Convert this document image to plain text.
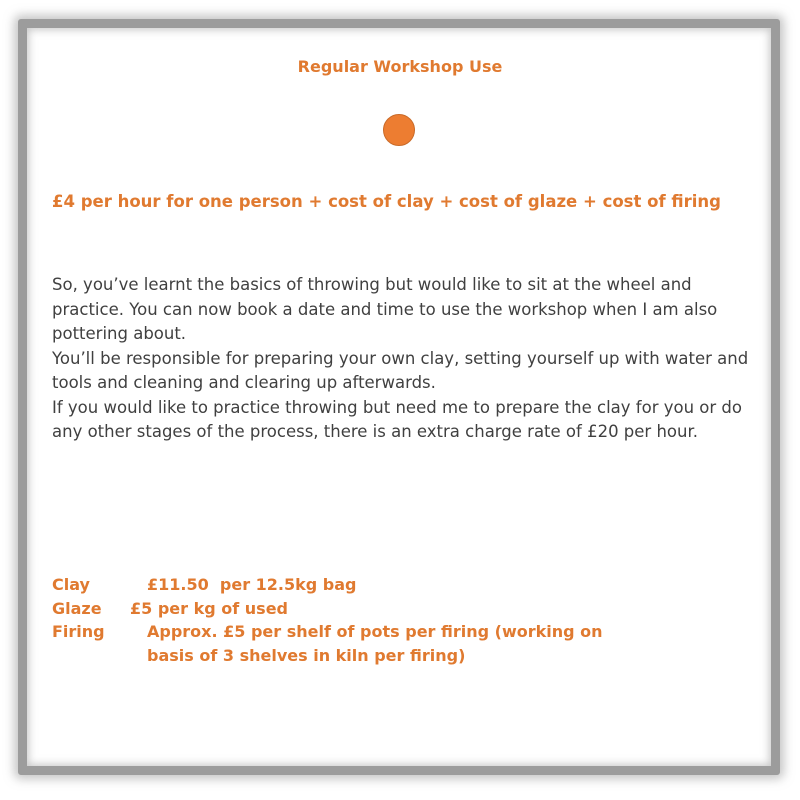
Regular Workshop Use
£4 per hour for one person + cost of clay + cost of glaze + cost of firing

So, you’ve learnt the basics of throwing but would like to sit at the wheel and practice. You can now book a date and time to use the workshop when I am also pottering about.

You’ll be responsible for preparing your own clay, setting yourself up with water and tools and cleaning and clearing up afterwards.

If you would like to practice throwing but need me to prepare the clay for you or do any other stages of the process, there is an extra charge rate of £20 per hour.

Clay	£11.50  per 12.5kg bag
Glaze £5 per kg of used
Firing	Approx. £5 per shelf of pots per firing (working on basis of 3 shelves in kiln per firing)
